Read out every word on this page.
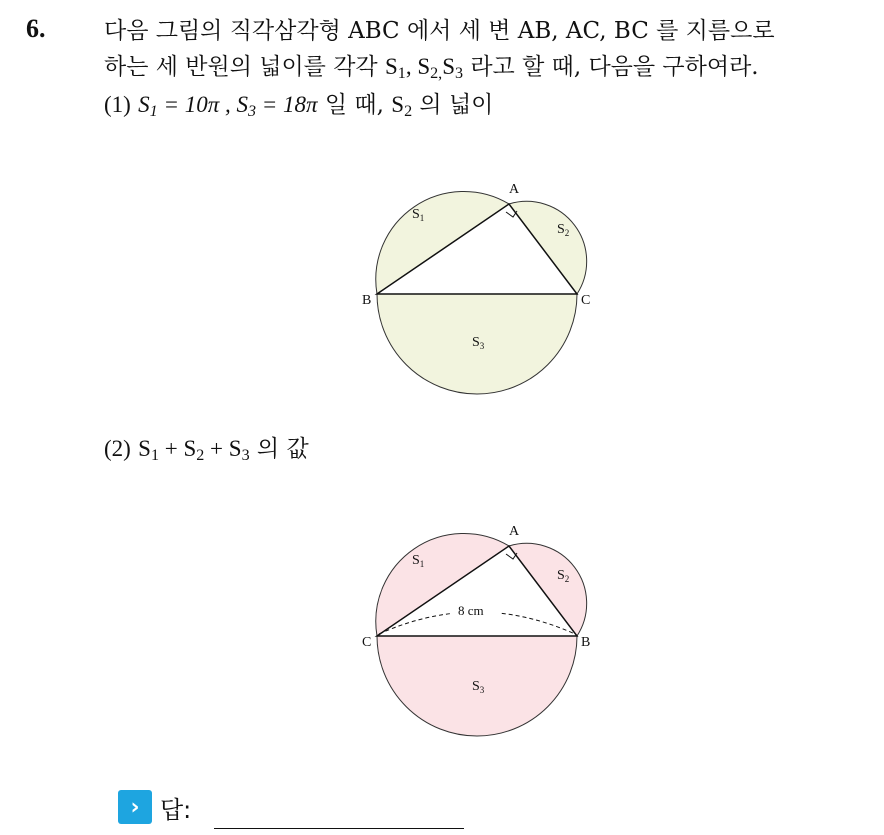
6.	다음 그림의 직각삼각형 ABC 에서 세 변 AB, AC, BC 를 지름으로
하는 세 반원의 넓이를 각각 $S_1$, $S_{2,}S_3$ 라고 할 때, 다음을 구하여라.
(1) $S_1 = 10\pi$ , $S_3 = 18\pi$ 일 때, $S_2$ 의 넓이
(2) $S_1 + S_2 + S_3$ 의 값
A
B	C
$S_1$
$S_2$
$S_3$
8 cm
A
C	B
$S_1$
$S_2$
$S_3$
› 답:
